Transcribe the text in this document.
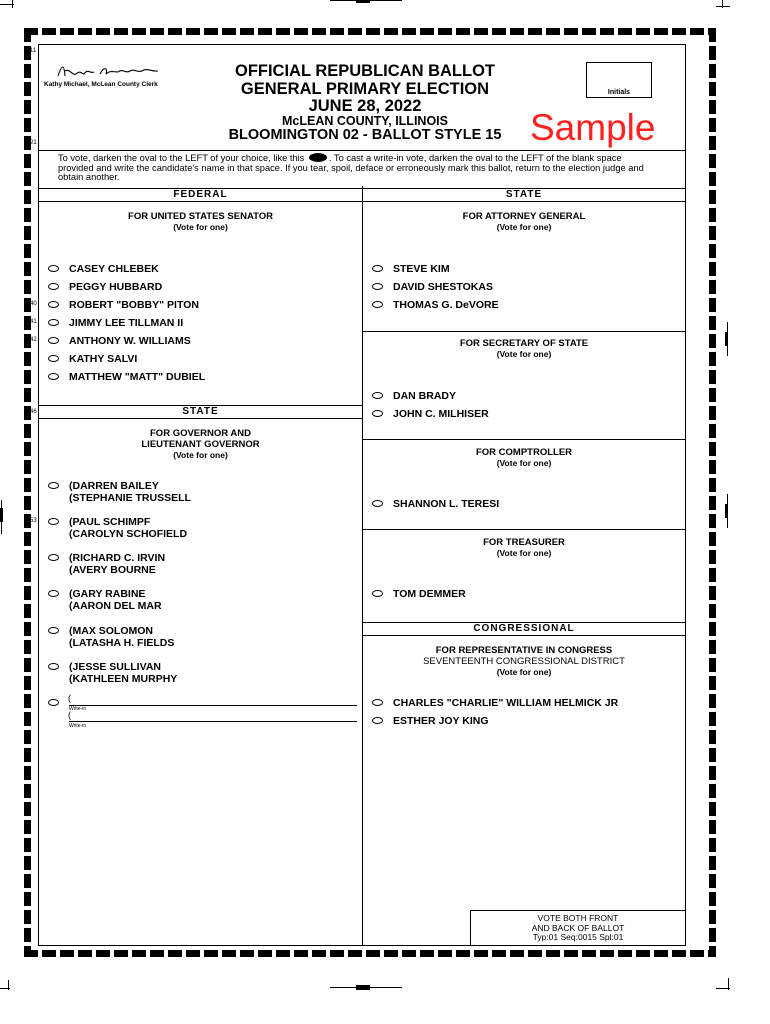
11
21
40
41
42
46
53
Kathy Michael, McLean County Clerk
OFFICIAL REPUBLICAN BALLOT
GENERAL PRIMARY ELECTION
JUNE 28, 2022
McLEAN COUNTY, ILLINOIS
BLOOMINGTON 02 - BALLOT STYLE 15
Initials
Sample
To vote, darken the oval to the LEFT of your choice, like this	. To cast a write-in vote, darken the oval to the LEFT of the blank space provided and write the candidate's name in that space. If you tear, spoil, deface or erroneously mark this ballot, return to the election judge and obtain another.
FEDERAL
FOR UNITED STATES SENATOR
(Vote for one)
CASEY CHLEBEK
PEGGY HUBBARD
ROBERT "BOBBY" PITON
JIMMY LEE TILLMAN II
ANTHONY W. WILLIAMS
KATHY SALVI
MATTHEW "MATT" DUBIEL
STATE
FOR GOVERNOR AND
LIEUTENANT GOVERNOR
(Vote for one)
(DARREN BAILEY
(STEPHANIE TRUSSELL
(PAUL SCHIMPF
(CAROLYN SCHOFIELD
(RICHARD C. IRVIN
(AVERY BOURNE
(GARY RABINE
(AARON DEL MAR
(MAX SOLOMON
(LATASHA H. FIELDS
(JESSE SULLIVAN
(KATHLEEN MURPHY
(
Write-in
(
Write-in
STATE
FOR ATTORNEY GENERAL
(Vote for one)
STEVE KIM
DAVID SHESTOKAS
THOMAS G. DeVORE
FOR SECRETARY OF STATE
(Vote for one)
DAN BRADY
JOHN C. MILHISER
FOR COMPTROLLER
(Vote for one)
SHANNON L. TERESI
FOR TREASURER
(Vote for one)
TOM DEMMER
CONGRESSIONAL
FOR REPRESENTATIVE IN CONGRESS
SEVENTEENTH CONGRESSIONAL DISTRICT
(Vote for one)
CHARLES "CHARLIE" WILLIAM HELMICK JR
ESTHER JOY KING
VOTE BOTH FRONT
AND BACK OF BALLOT
Typ:01 Seq:0015 Spl:01
